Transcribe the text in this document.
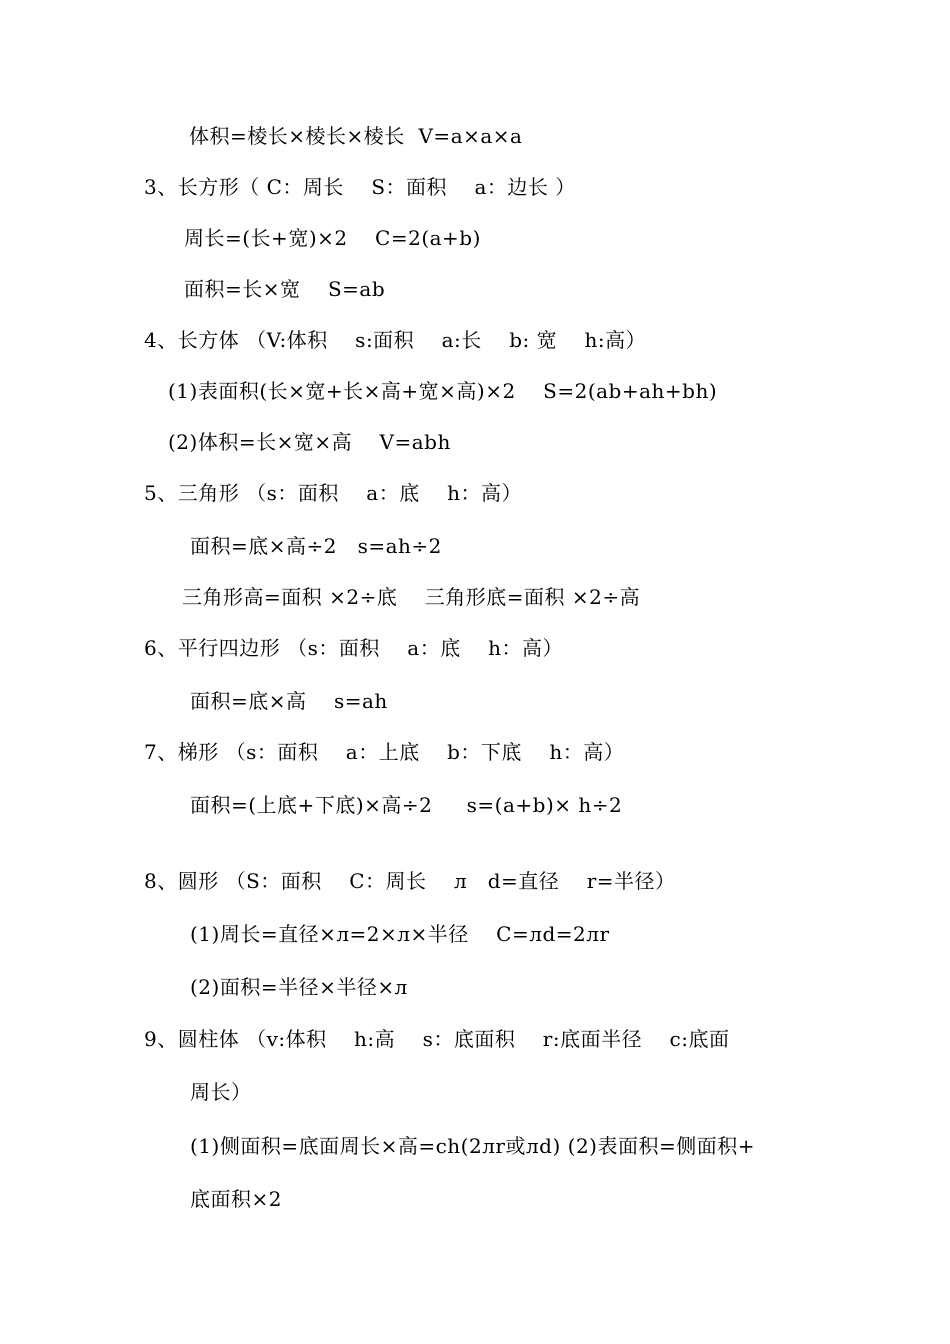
体积=棱长×棱长×棱长  V=a×a×a
3、长方形（ C：周长    S：面积    a：边长 ）
周长=(长+宽)×2    C=2(a+b)
面积=长×宽    S=ab
4、长方体 （V:体积    s:面积    a:长    b: 宽    h:高）
(1)表面积(长×宽+长×高+宽×高)×2    S=2(ab+ah+bh)
(2)体积=长×宽×高    V=abh
5、三角形 （s：面积    a：底    h：高）
面积=底×高÷2   s=ah÷2
三角形高=面积 ×2÷底    三角形底=面积 ×2÷高
6、平行四边形 （s：面积    a：底    h：高）
面积=底×高    s=ah
7、梯形 （s：面积    a：上底    b：下底    h：高）
面积=(上底+下底)×高÷2     s=(a+b)× h÷2
8、圆形 （S：面积    C：周长    л   d=直径    r=半径）
(1)周长=直径×л=2×л×半径    C=лd=2лr
(2)面积=半径×半径×л
9、圆柱体 （v:体积    h:高    s：底面积    r:底面半径    c:底面
周长）
(1)侧面积=底面周长×高=ch(2лr或лd) (2)表面积=侧面积+
底面积×2
